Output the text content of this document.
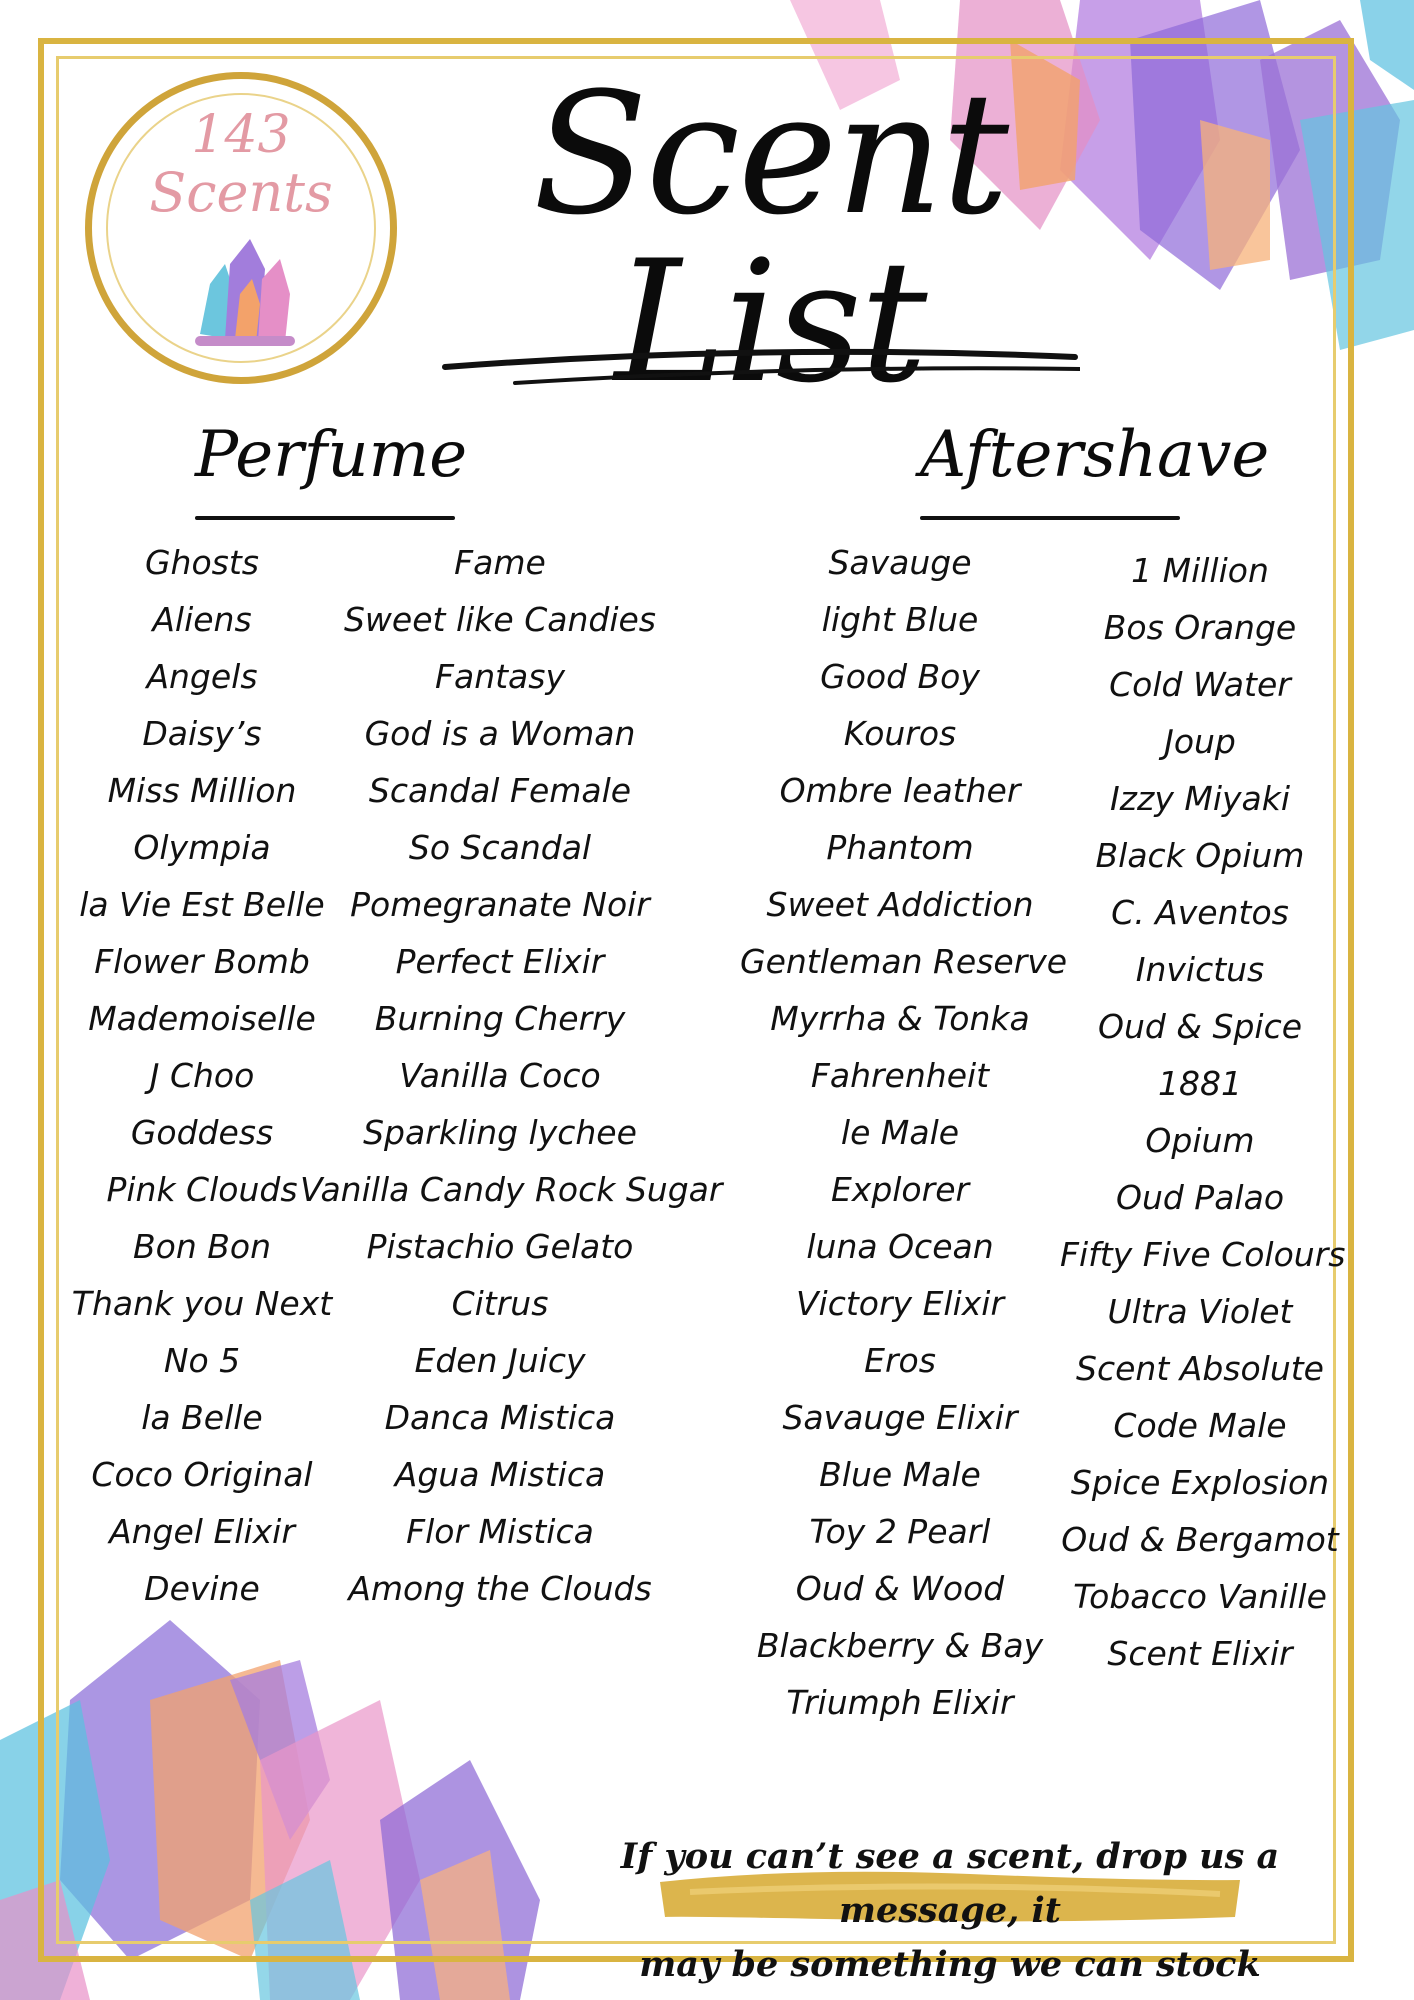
143
Scents	Scent List
Perfume	Aftershave
Ghosts
Aliens
Angels
Daisy’s
Miss Million
Olympia
la Vie Est Belle
Flower Bomb
Mademoiselle
J Choo
Goddess
Pink Clouds
Bon Bon
Thank you Next
No 5
la Belle
Coco Original
Angel Elixir
Devine
Fame
Sweet like Candies
Fantasy
God is a Woman
Scandal Female
So Scandal
Pomegranate Noir
Perfect Elixir
Burning Cherry
Vanilla Coco
Sparkling lychee
Vanilla Candy Rock Sugar
Pistachio Gelato
Citrus
Eden Juicy
Danca Mistica
Agua Mistica
Flor Mistica
Among the Clouds
Savauge
light Blue
Good Boy
Kouros
Ombre leather
Phantom
Sweet Addiction
Gentleman Reserve
Myrrha & Tonka
Fahrenheit
le Male
Explorer
luna Ocean
Victory Elixir
Eros
Savauge Elixir
Blue Male
Toy 2 Pearl
Oud & Wood
Blackberry & Bay
Triumph Elixir
1 Million
Bos Orange
Cold Water
Joup
Izzy Miyaki
Black Opium
C. Aventos
Invictus
Oud & Spice
1881
Opium
Oud Palao
Fifty Five Colours
Ultra Violet
Scent Absolute
Code Male
Spice Explosion
Oud & Bergamot
Tobacco Vanille
Scent Elixir
If you can’t see a scent, drop us a message, it
may be something we can stock
